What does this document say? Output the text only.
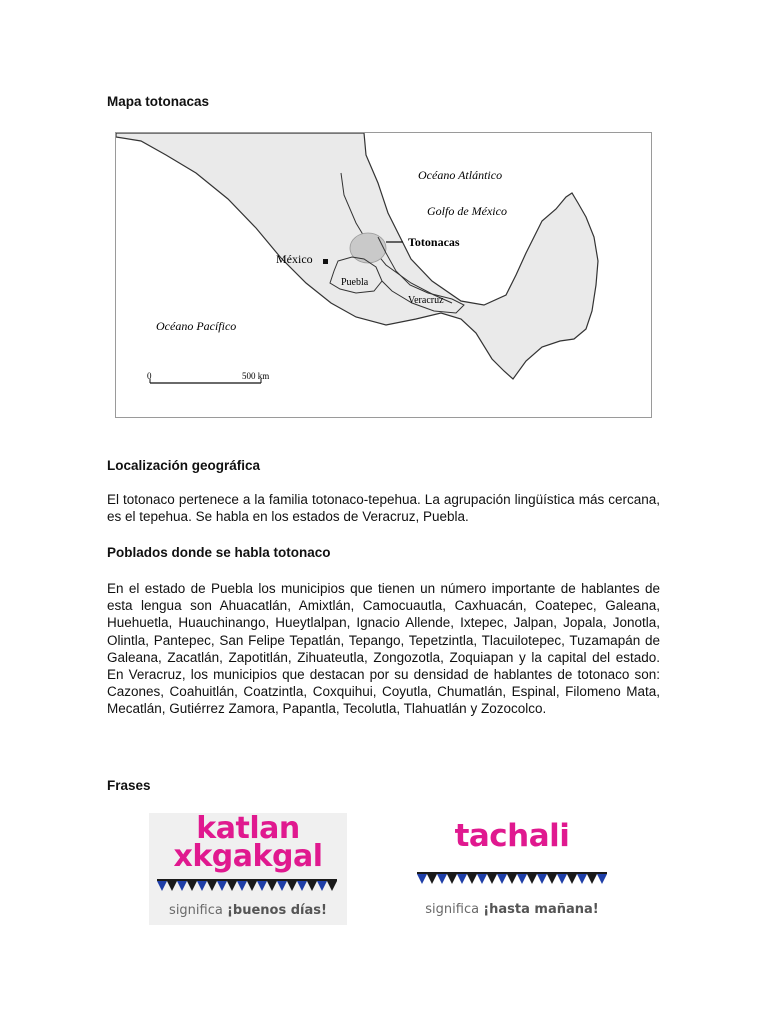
Mapa totonacas
Océano Atlántico
Golfo de México
Totonacas
México
Puebla
Veracruz
Océano Pacífico
0	500 km
Localización geográfica

El totonaco pertenece a la familia totonaco-tepehua. La agrupación lingüística más cercana, es el tepehua. Se habla en los estados de Veracruz, Puebla.

Poblados donde se habla totonaco

En el estado de Puebla los municipios que tienen un número importante de hablantes de esta lengua son Ahuacatlán, Amixtlán, Camocuautla, Caxhuacán, Coatepec, Galeana, Huehuetla, Huauchinango, Hueytlalpan, Ignacio Allende, Ixtepec, Jalpan, Jopala, Jonotla, Olintla, Pantepec, San Felipe Tepatlán, Tepango, Tepetzintla, Tlacuilotepec, Tuzamapán de Galeana, Zacatlán, Zapotitlán, Zihuateutla, Zongozotla, Zoquiapan y la capital del estado. En Veracruz, los municipios que destacan por su densidad de hablantes de totonaco son: Cazones, Coahuitlán, Coatzintla, Coxquihui, Coyutla, Chumatlán, Espinal, Filomeno Mata, Mecatlán, Gutiérrez Zamora, Papantla, Tecolutla, Tlahuatlán y Zozocolco.

Frases
katlan
xkgakgal
significa ¡buenos días!
tachali
significa ¡hasta mañana!
